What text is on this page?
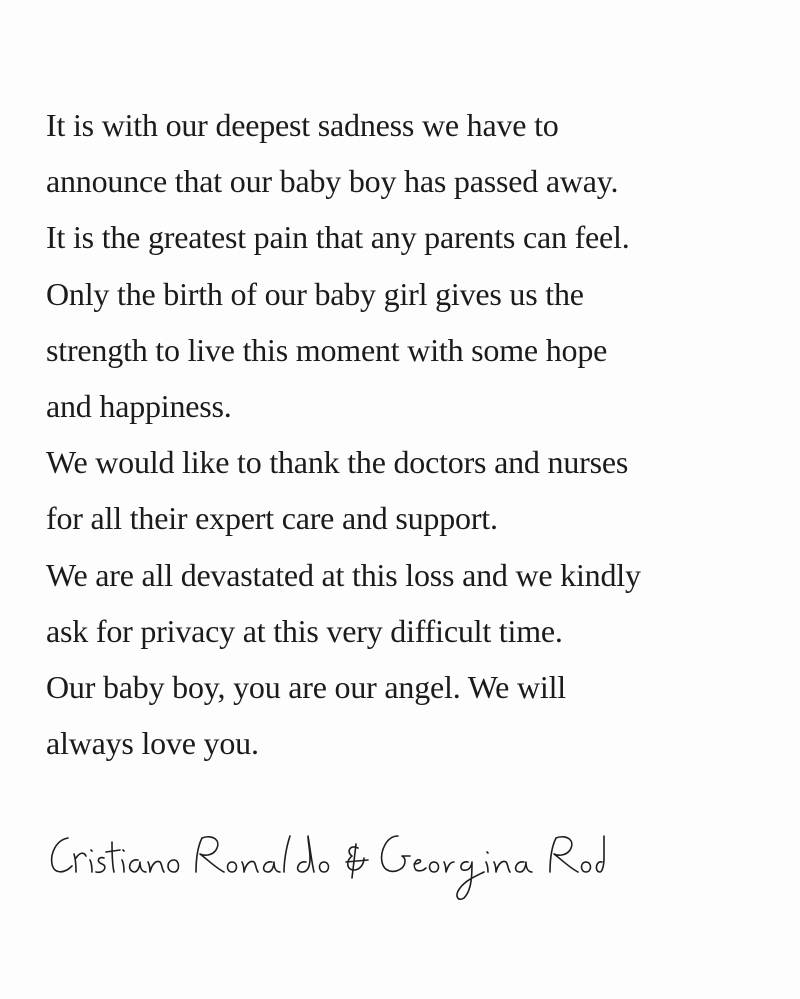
It is with our deepest sadness we have to
announce that our baby boy has passed away.
It is the greatest pain that any parents can feel.
Only the birth of our baby girl gives us the
strength to live this moment with some hope
and happiness.
We would like to thank the doctors and nurses
for all their expert care and support.
We are all devastated at this loss and we kindly
ask for privacy at this very difficult time.
Our baby boy, you are our angel. We will
always love you.
